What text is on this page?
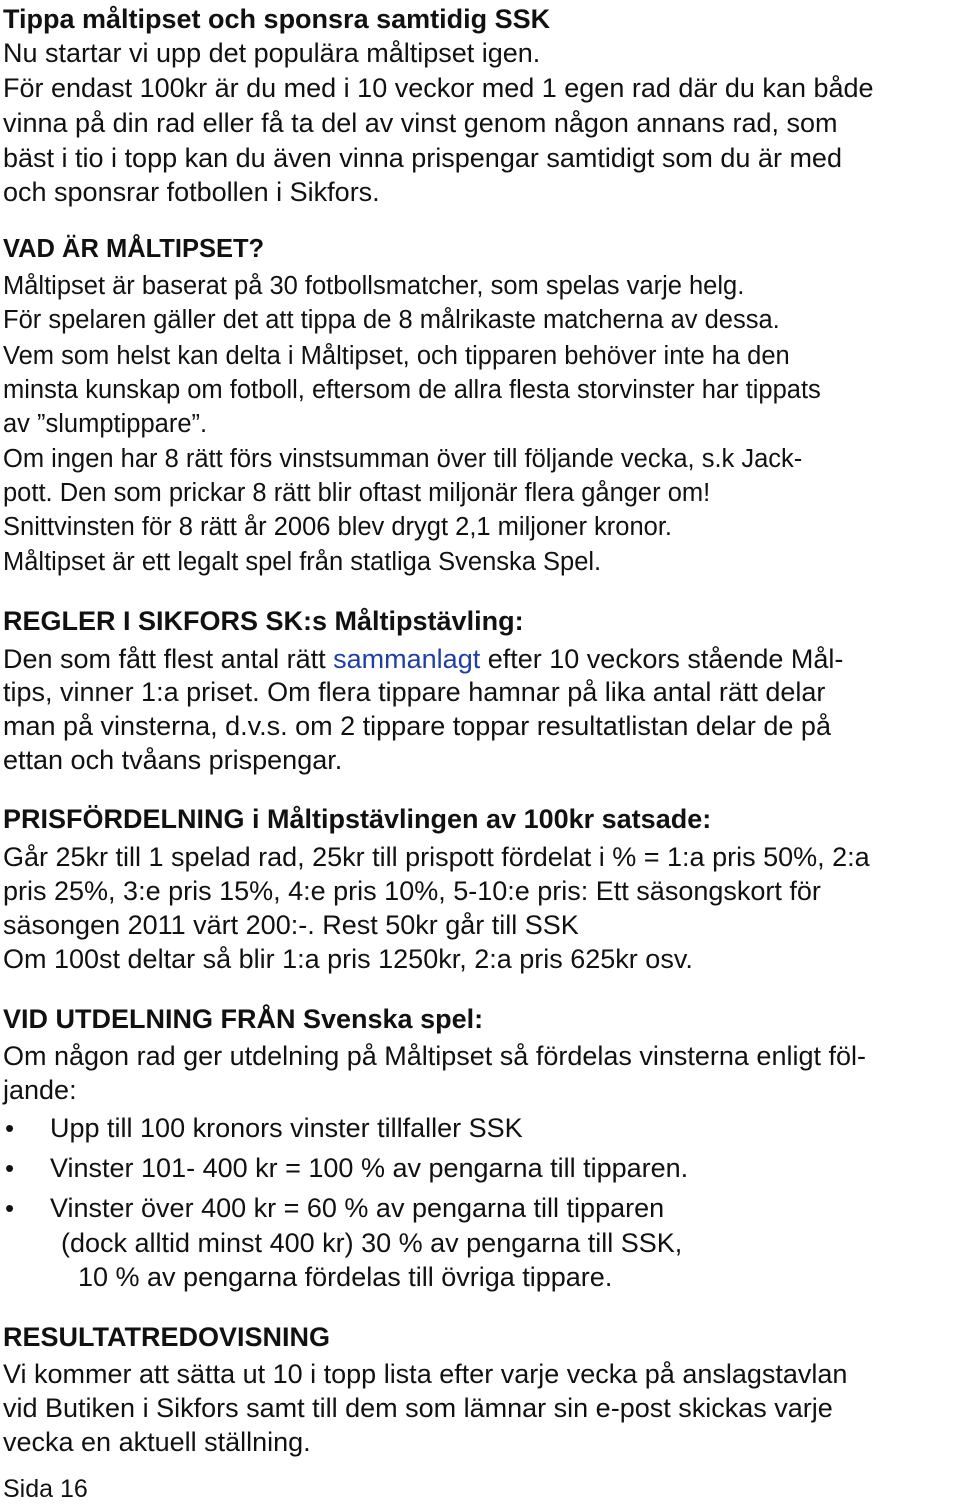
Tippa måltipset och sponsra samtidig SSK
Nu startar vi upp det populära måltipset igen.
För endast 100kr är du med i 10 veckor med 1 egen rad där du kan både
vinna på din rad eller få ta del av vinst genom någon annans rad, som
bäst i tio i topp kan du även vinna prispengar samtidigt som du är med
och sponsrar fotbollen i Sikfors.
VAD ÄR MÅLTIPSET?
Måltipset är baserat på 30 fotbollsmatcher, som spelas varje helg.
För spelaren gäller det att tippa de 8 målrikaste matcherna av dessa.
Vem som helst kan delta i Måltipset, och tipparen behöver inte ha den
minsta kunskap om fotboll, eftersom de allra flesta storvinster har tippats
av ”slumptippare”.
Om ingen har 8 rätt förs vinstsumman över till följande vecka, s.k Jack-
pott. Den som prickar 8 rätt blir oftast miljonär flera gånger om!
Snittvinsten för 8 rätt år 2006 blev drygt 2,1 miljoner kronor.
Måltipset är ett legalt spel från statliga Svenska Spel.
REGLER I SIKFORS SK:s Måltipstävling:
Den som fått flest antal rätt sammanlagt efter 10 veckors stående Mål-
tips, vinner 1:a priset. Om flera tippare hamnar på lika antal rätt delar
man på vinsterna, d.v.s. om 2 tippare toppar resultatlistan delar de på
ettan och tvåans prispengar.
PRISFÖRDELNING i Måltipstävlingen av 100kr satsade:
Går 25kr till 1 spelad rad, 25kr till prispott fördelat i % = 1:a pris 50%, 2:a
pris 25%, 3:e pris 15%, 4:e pris 10%, 5-10:e pris: Ett säsongskort för
säsongen 2011 värt 200:-. Rest 50kr går till SSK
Om 100st deltar så blir 1:a pris 1250kr, 2:a pris 625kr osv.
VID UTDELNING FRÅN Svenska spel:
Om någon rad ger utdelning på Måltipset så fördelas vinsterna enligt föl-
jande:
• Upp till 100 kronors vinster tillfaller SSK
• Vinster 101- 400 kr = 100 % av pengarna till tipparen.
• Vinster över 400 kr = 60 % av pengarna till tipparen
(dock alltid minst 400 kr) 30 % av pengarna till SSK,
10 % av pengarna fördelas till övriga tippare.
RESULTATREDOVISNING
Vi kommer att sätta ut 10 i topp lista efter varje vecka på anslagstavlan
vid Butiken i Sikfors samt till dem som lämnar sin e-post skickas varje
vecka en aktuell ställning.
Sida 16
